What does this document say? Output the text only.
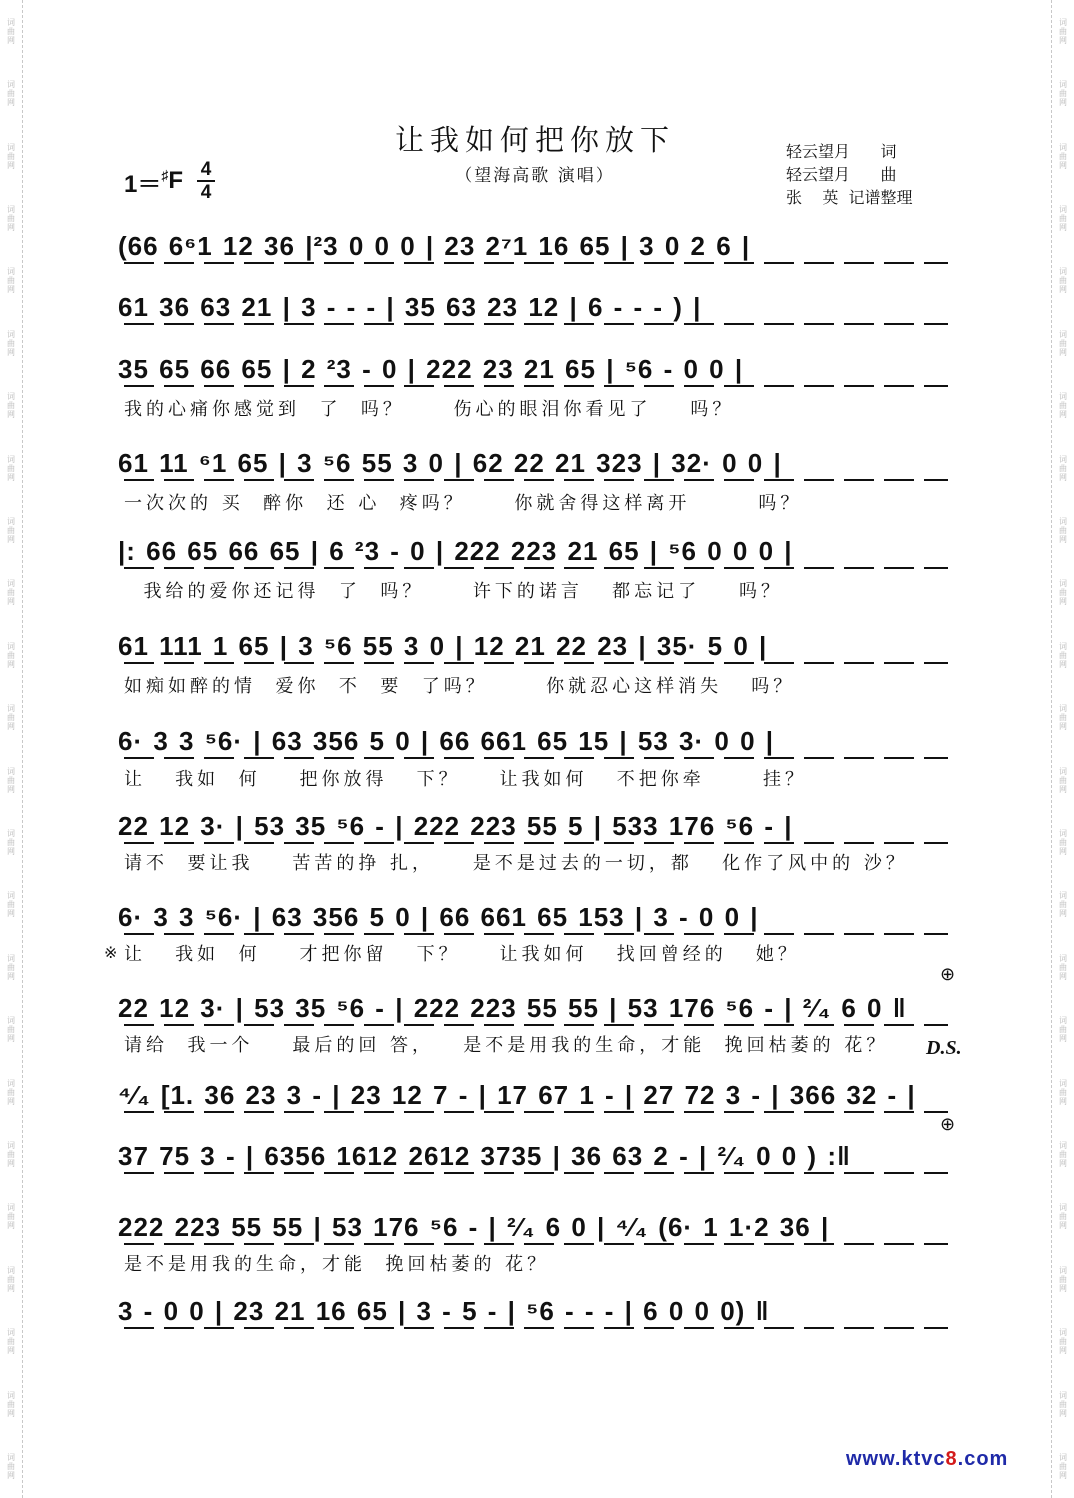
词曲网
词曲网
词曲网
词曲网
词曲网
词曲网
词曲网
词曲网
词曲网
词曲网
词曲网
词曲网
词曲网
词曲网
词曲网
词曲网
词曲网
词曲网
词曲网
词曲网
词曲网
词曲网
词曲网
词曲网
词曲网
词曲网
词曲网
词曲网
词曲网
词曲网
词曲网
词曲网
词曲网
词曲网
词曲网
词曲网
词曲网
词曲网
词曲网
词曲网
词曲网
词曲网
词曲网
词曲网
词曲网
词曲网
词曲网
词曲网
让我如何把你放下
（望海高歌 演唱）
轻云望月      词
轻云望月      曲
张    英  记谱整理
1＝♯ F 4
4
(66 6⁶1 12 36 |²3 0 0 0 | 23 2⁷1 16 65 | 3 0 2 6 |
61 36 63 21 | 3 - - - | 35 63 23 12 | 6 - - - ) |
35 65 66 65 | 2 ²3 - 0 | 222 23 21 65 | ⁵6 - 0 0 |
我的心痛你感觉到  了  吗？     伤心的眼泪你看见了    吗？
61 11 ⁶1 65 | 3 ⁵6 55 3 0 | 62 22 21 323 | 32· 0 0 |
一次次的 买  醉你  还 心  疼吗？     你就舍得这样离开       吗？
|: 66 65 66 65 | 6 ²3 - 0 | 222 223 21 65 | ⁵6 0 0 0 |
我给的爱你还记得  了  吗？     许下的诺言   都忘记了    吗？
61 111 1 65 | 3 ⁵6 55 3 0 | 12 21 22 23 | 35· 5 0 |
如痴如醉的情  爱你  不  要  了吗？      你就忍心这样消失   吗？
6· 3 3 ⁵6· | 63 356 5 0 | 66 661 65 15 | 53 3· 0 0 |
让   我如  何    把你放得   下？    让我如何   不把你牵      挂？
22 12 3· | 53 35 ⁵6 - | 222 223 55 5 | 533 176 ⁵6 - |
请不  要让我    苦苦的挣 扎，    是不是过去的一切，都   化作了风中的 沙？
6· 3 3 ⁵6· | 63 356 5 0 | 66 661 65 153 | 3 - 0 0 |
※ 让   我如  何    才把你留   下？    让我如何   找回曾经的   她？
22 12 3· | 53 35 ⁵6 - | 222 223 55 55 | 53 176 ⁵6 - | ²⁄₄ 6 0 ‖
⊕
请给  我一个    最后的回 答，   是不是用我的生命，才能  挽回枯萎的 花？	D.S.
⁴⁄₄ [1. 36 23 3 - | 23 12 7 - | 17 67 1 - | 27 72 3 - | 366 32 - |
37 75 3 - | 6356 1612 2612 3735 | 36 63 2 - | ²⁄₄ 0 0 ) :‖
⊕
222 223 55 55 | 53 176 ⁵6 - | ²⁄₄ 6 0 | ⁴⁄₄ (6· 1 1·2 36 |
是不是用我的生命，才能  挽回枯萎的 花？
3 - 0 0 | 23 21 16 65 | 3 - 5 - | ⁵6 - - - | 6 0 0 0) ‖
www.ktvc8.com
